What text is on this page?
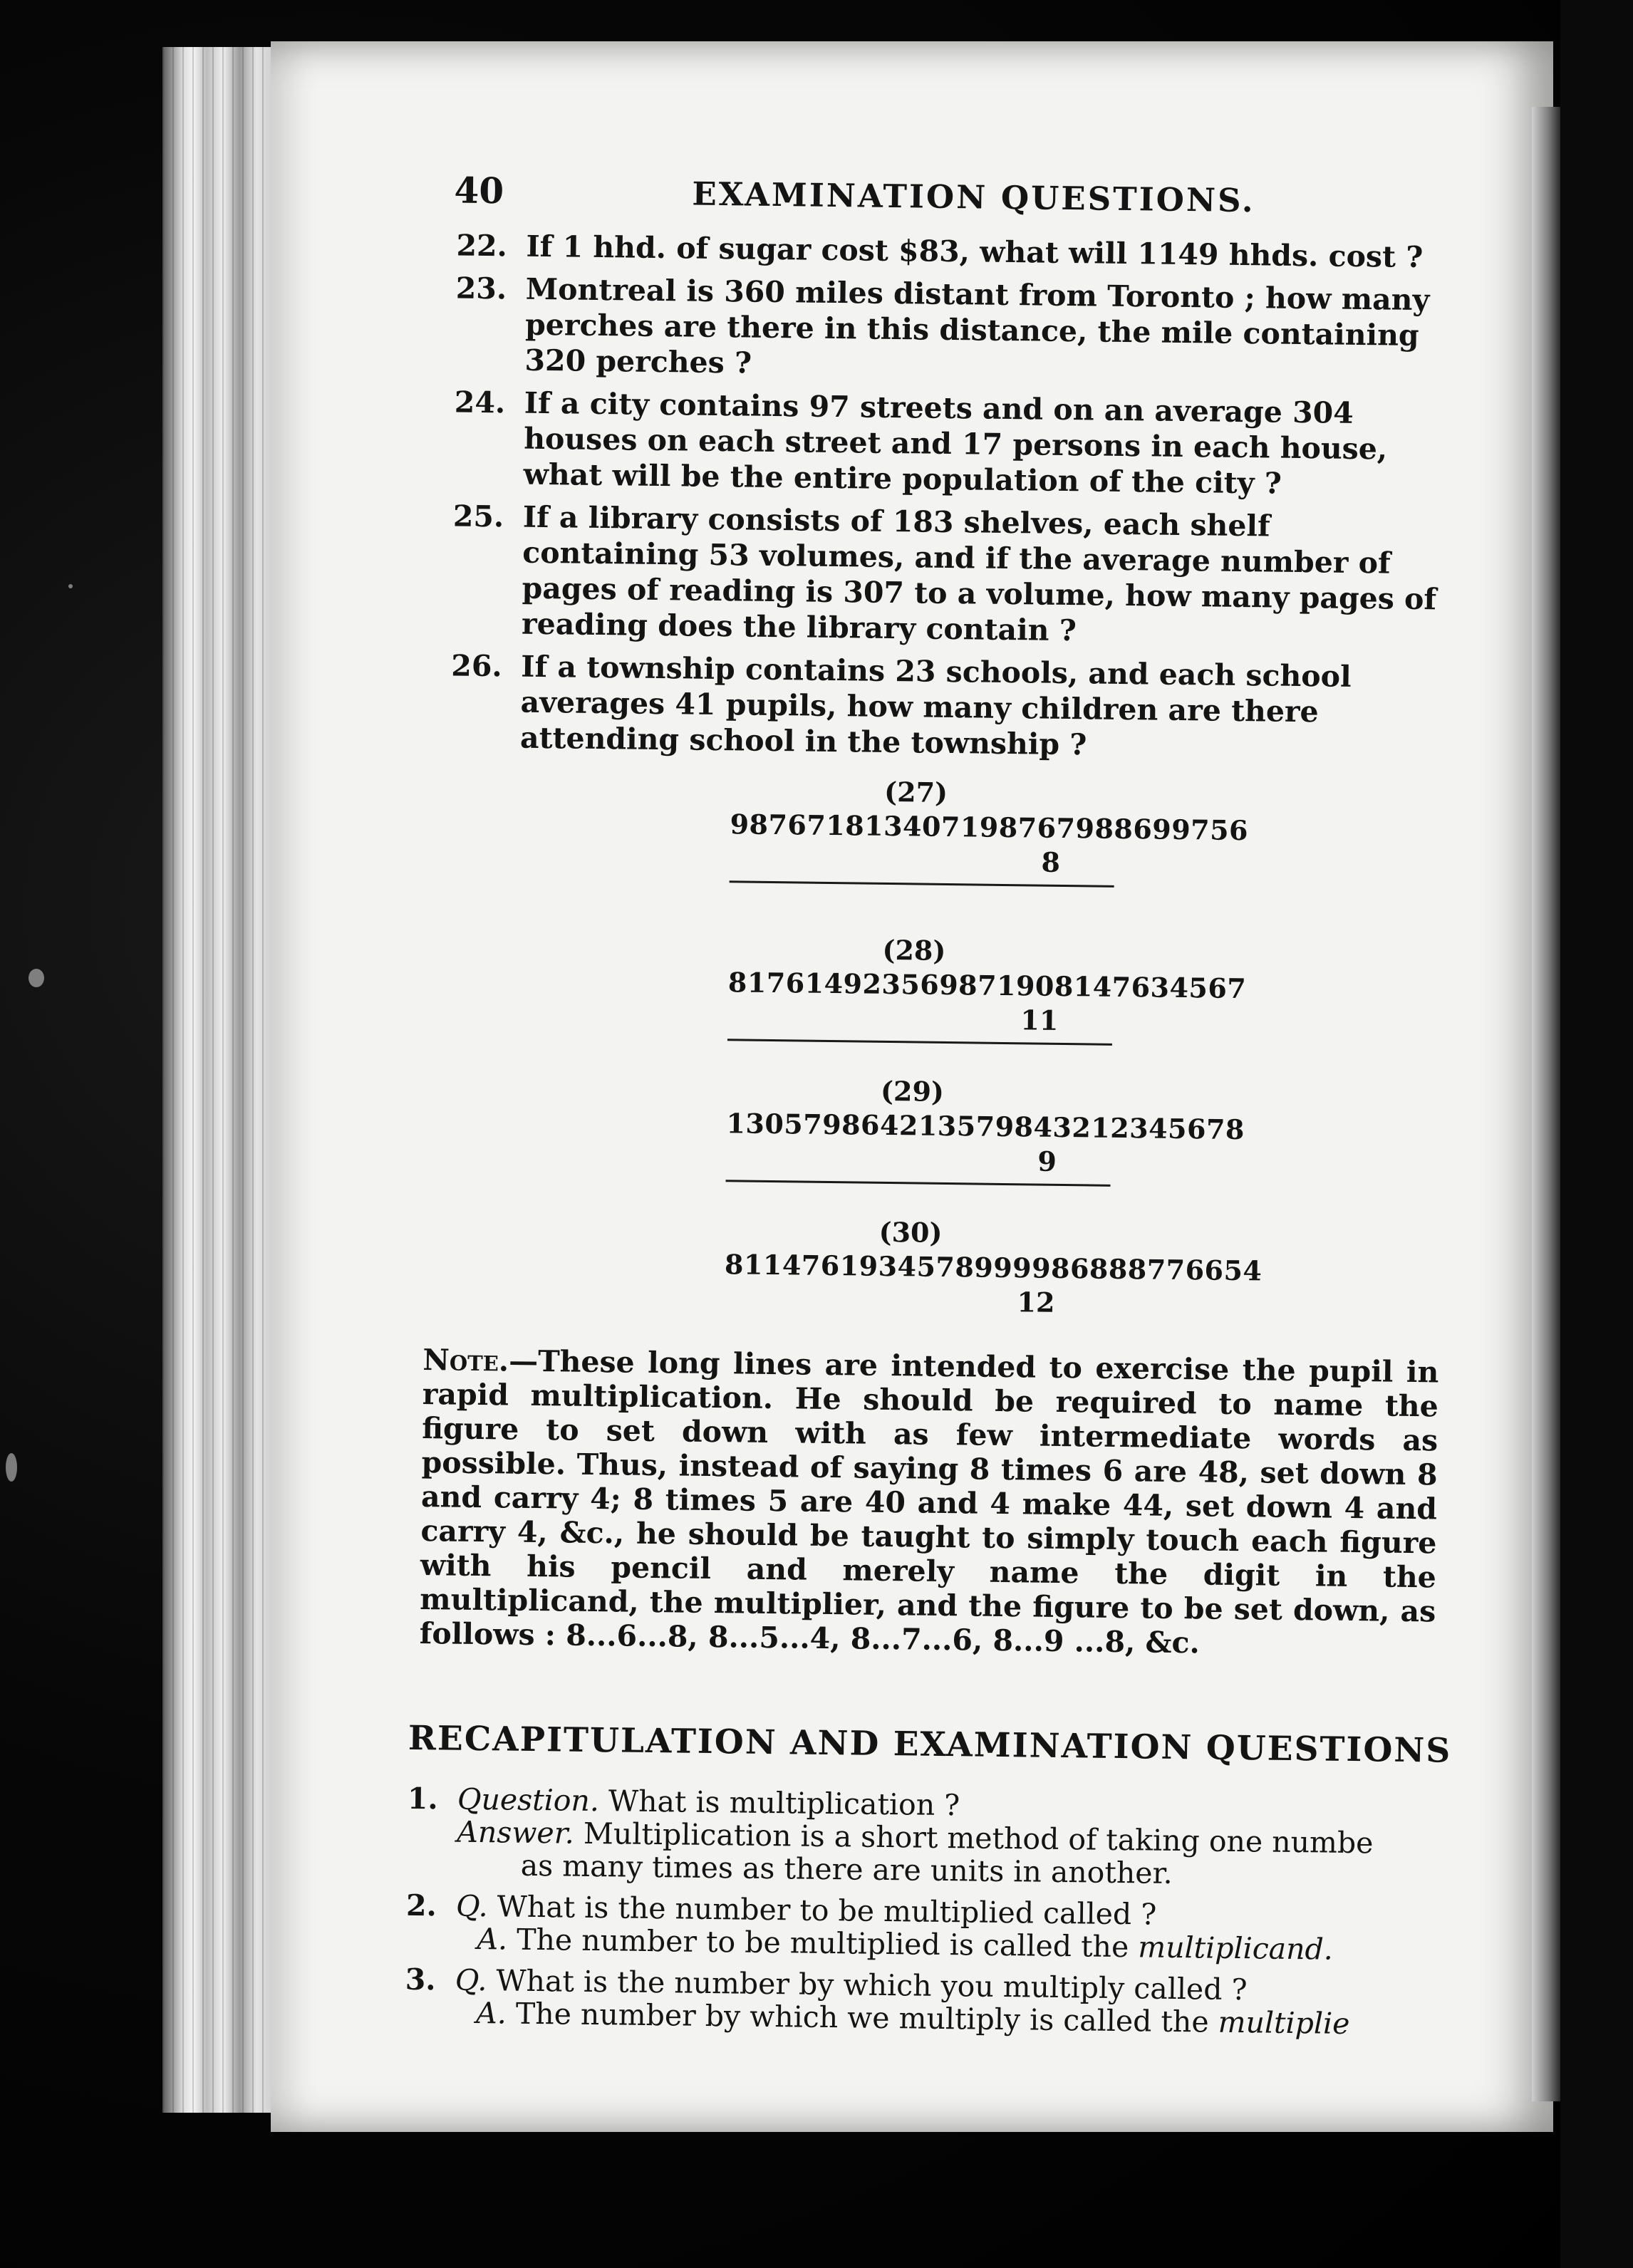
40	EXAMINATION QUESTIONS.
22. If 1 hhd. of sugar cost $83, what will 1149 hhds. cost ?
23. Montreal is 360 miles distant from Toronto ; how many perches are there in this distance, the mile containing 320 perches ?
24. If a city contains 97 streets and on an average 304 houses on each street and 17 persons in each house, what will be the entire population of the city ?
25. If a library consists of 183 shelves, each shelf containing 53 volumes, and if the average number of pages of reading is 307 to a volume, how many pages of reading does the library contain ?
26. If a township contains 23 schools, and each school averages 41 pupils, how many children are there attending school in the township ?
(27)
98767181340719876798869975​6
8
(28)
81761492356987190814763456​7
11
(29)
13057986421357984321234567​8
9
(30)
81147619345789999868887766​54
12
Note.—These long lines are intended to exercise the pupil in rapid multiplication. He should be required to name the figure to set down with as few intermediate words as possible. Thus, instead of saying 8 times 6 are 48, set down 8 and carry 4; 8 times 5 are 40 and 4 make 44, set down 4 and carry 4, &c., he should be taught to simply touch each figure with his pencil and merely name the digit in the multiplicand, the multiplier, and the figure to be set down, as follows : 8...6...8, 8...5...4, 8...7...6, 8...9 ...8, &c.
RECAPITULATION AND EXAMINATION QUESTIONS
1. Question. What is multiplication ?
Answer. Multiplication is a short method of taking one numbe
as many times as there are units in another.
2. Q. What is the number to be multiplied called ?
A. The number to be multiplied is called the multiplicand.
3. Q. What is the number by which you multiply called ?
A. The number by which we multiply is called the multiplie
